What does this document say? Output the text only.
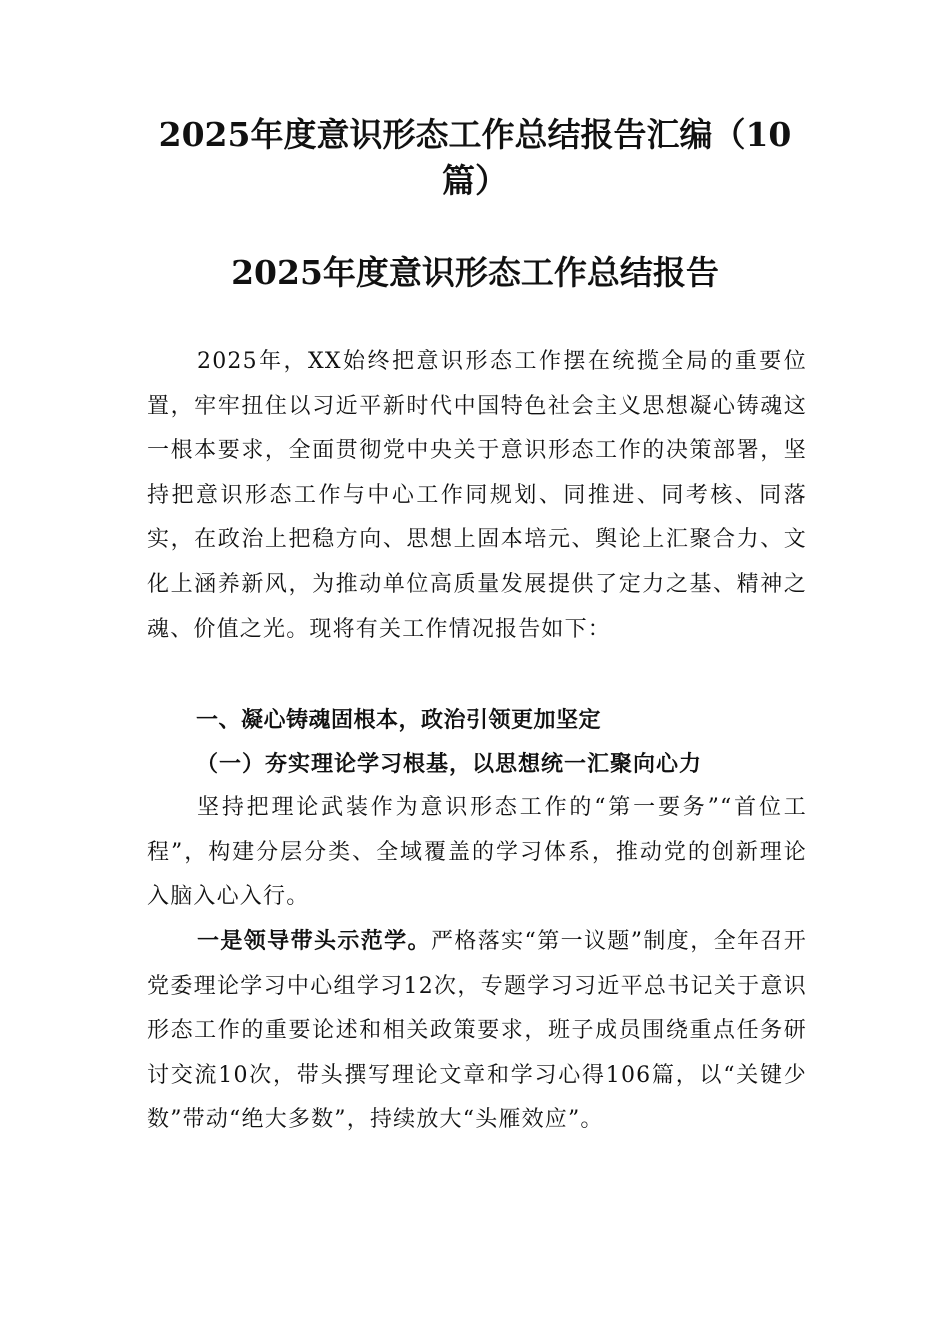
2025年度意识形态工作总结报告汇编（10篇）
2025年度意识形态工作总结报告

2025年，XX始终把意识形态工作摆在统揽全局的重要位置，牢牢扭住以习近平新时代中国特色社会主义思想凝心铸魂这一根本要求，全面贯彻党中央关于意识形态工作的决策部署，坚持把意识形态工作与中心工作同规划、同推进、同考核、同落实，在政治上把稳方向、思想上固本培元、舆论上汇聚合力、文化上涵养新风，为推动单位高质量发展提供了定力之基、精神之魂、价值之光。现将有关工作情况报告如下：

一、凝心铸魂固根本，政治引领更加坚定
（一）夯实理论学习根基，以思想统一汇聚向心力

坚持把理论武装作为意识形态工作的“第一要务”“首位工程”，构建分层分类、全域覆盖的学习体系，推动党的创新理论入脑入心入行。

一是领导带头示范学。严格落实“第一议题”制度，全年召开党委理论学习中心组学习12次，专题学习习近平总书记关于意识形态工作的重要论述和相关政策要求，班子成员围绕重点任务研讨交流10次，带头撰写理论文章和学习心得106篇，以“关键少数”带动“绝大多数”，持续放大“头雁效应”。
